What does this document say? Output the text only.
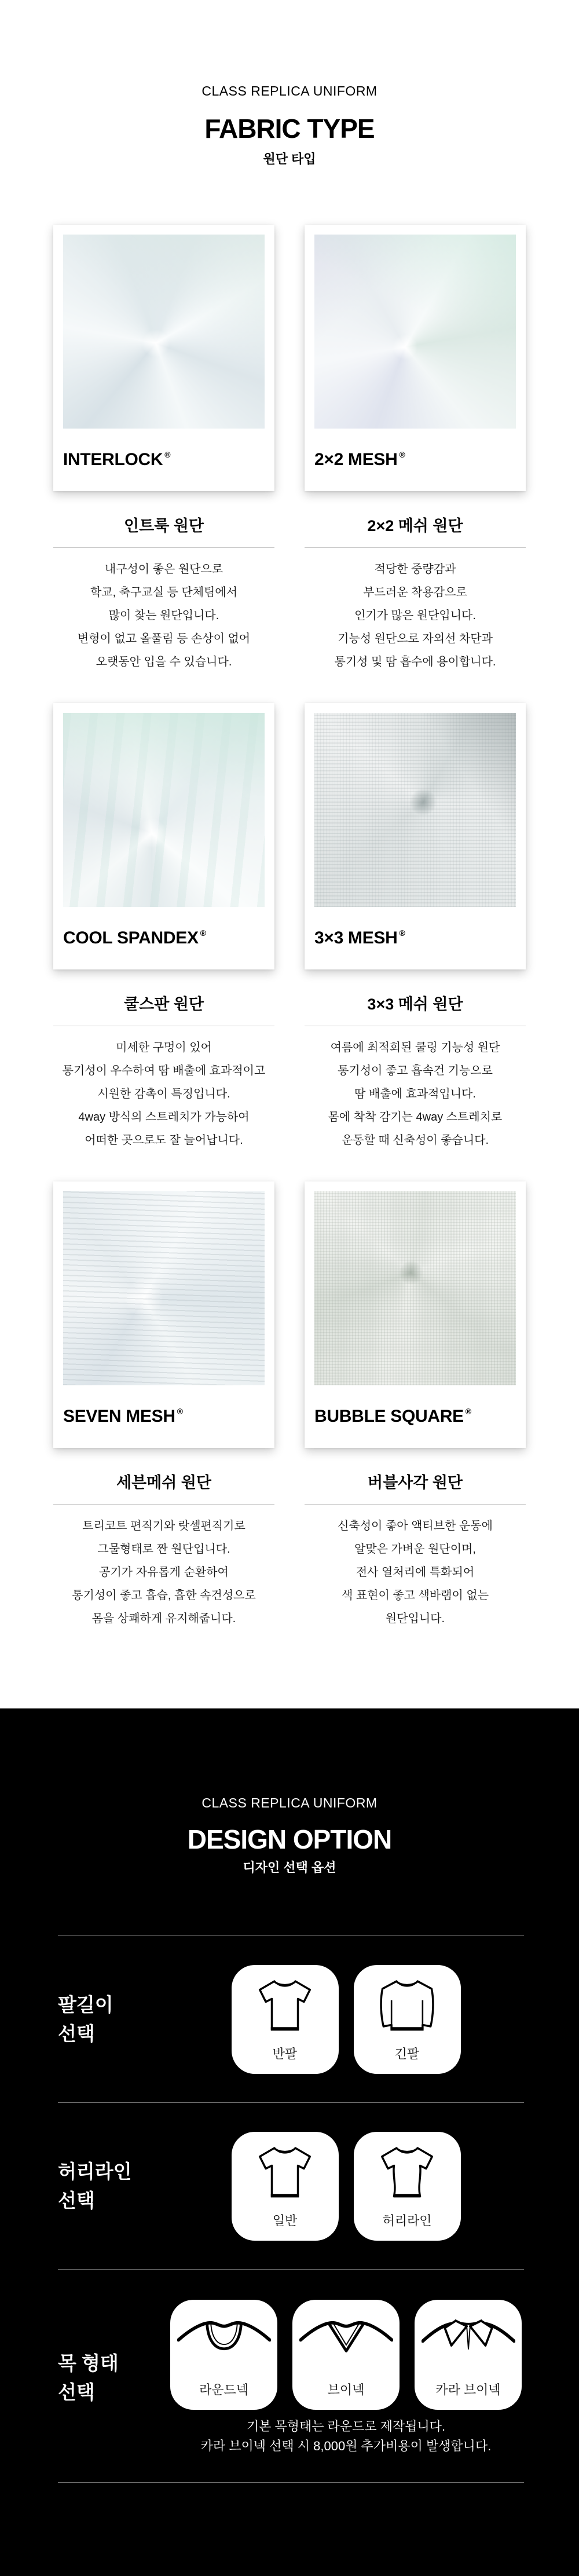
CLASS REPLICA UNIFORM
FABRIC TYPE
원단 타입
INTERLOCK ®
인트룩 원단
내구성이 좋은 원단으로
학교, 축구교실 등 단체팀에서
많이 찾는 원단입니다.
변형이 없고 올풀림 등 손상이 없어
오랫동안 입을 수 있습니다.
2×2 MESH ®
2×2 메쉬 원단
적당한 중량감과
부드러운 착용감으로
인기가 많은 원단입니다.
기능성 원단으로 자외선 차단과
통기성 및 땀 흡수에 용이합니다.
COOL SPANDEX ®
쿨스판 원단
미세한 구멍이 있어
통기성이 우수하여 땀 배출에 효과적이고
시원한 감촉이 특징입니다.
4way 방식의 스트레치가 가능하여
어떠한 곳으로도 잘 늘어납니다.
3×3 MESH ®
3×3 메쉬 원단
여름에 최적회된 쿨링 기능성 원단
통기성이 좋고 흡속건 기능으로
땀 배출에 효과적입니다.
몸에 착착 감기는 4way 스트레치로
운동할 때 신축성이 좋습니다.
SEVEN MESH ®
세븐메쉬 원단
트리코트 편직기와 랏셀편직기로
그물형태로 짠 원단입니다.
공기가 자유롭게 순환하여
통기성이 좋고 흡습, 흡한 속건성으로
몸을 상쾌하게 유지해줍니다.
BUBBLE SQUARE ®
버블사각 원단
신축성이 좋아 액티브한 운동에
알맞은 가벼운 원단이며,
전사 열처리에 특화되어
색 표현이 좋고 색바램이 없는
원단입니다.
CLASS REPLICA UNIFORM
DESIGN OPTION
디자인 선택 옵션
팔길이
선택
반팔	긴팔
허리라인
선택
일반	허리라인
목 형태
선택	라운드넥	브이넥	카라 브이넥
기본 목형태는 라운드로 제작됩니다.
카라 브이넥 선택 시 8,000원 추가비용이 발생합니다.
